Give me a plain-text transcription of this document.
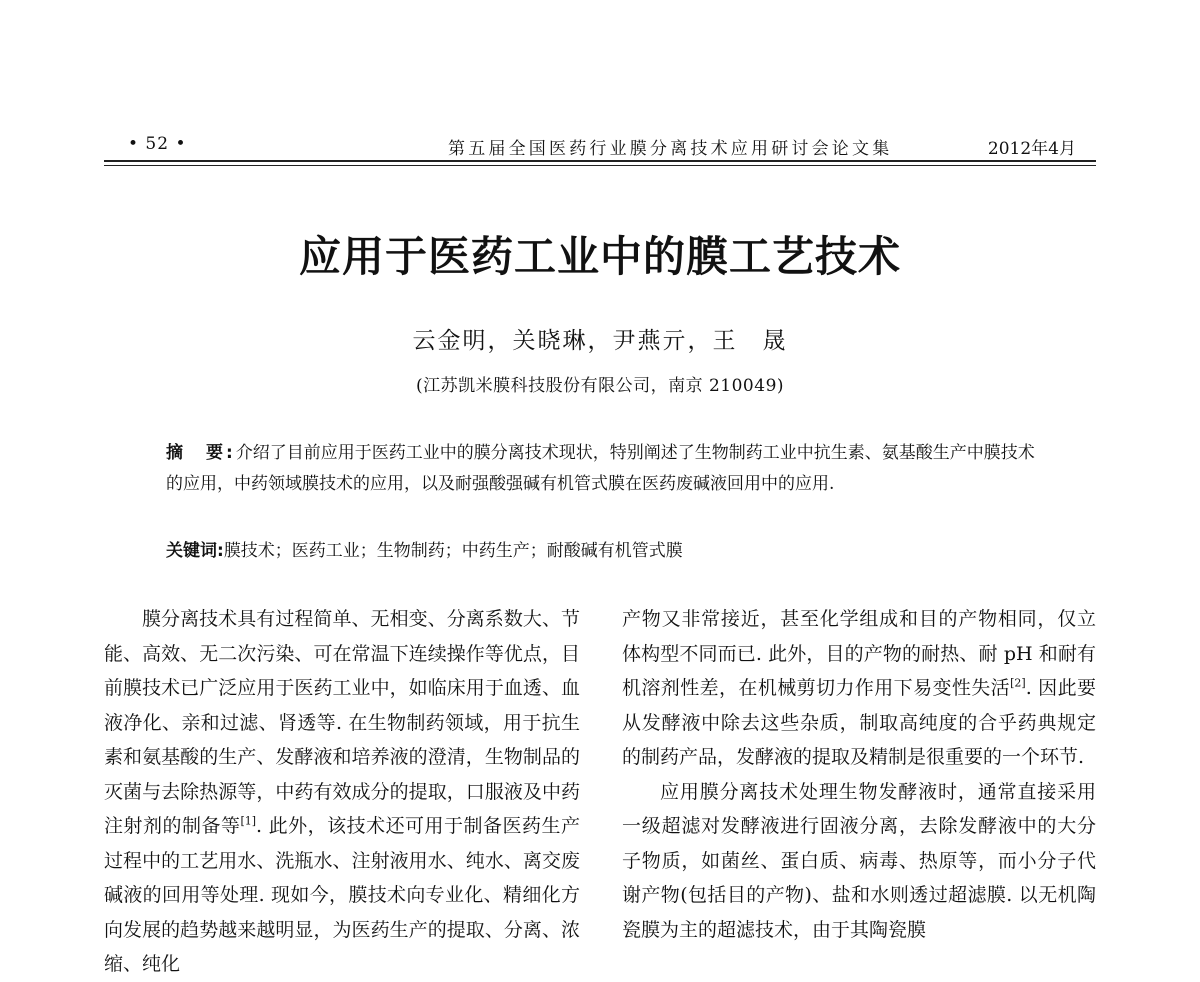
• 52 •	第五届全国医药行业膜分离技术应用研讨会论文集	2012年4月
应用于医药工业中的膜工艺技术
云金明，关晓琳，尹燕亓，王　晟
(江苏凯米膜科技股份有限公司，南京 210049)
摘　要:介绍了目前应用于医药工业中的膜分离技术现状，特别阐述了生物制药工业中抗生素、氨基酸生产中膜技术的应用，中药领域膜技术的应用，以及耐强酸强碱有机管式膜在医药废碱液回用中的应用.
关键词:膜技术；医药工业；生物制药；中药生产；耐酸碱有机管式膜

膜分离技术具有过程简单、无相变、分离系数大、节能、高效、无二次污染、可在常温下连续操作等优点，目前膜技术已广泛应用于医药工业中，如临床用于血透、血液净化、亲和过滤、肾透等. 在生物制药领域，用于抗生素和氨基酸的生产、发酵液和培养液的澄清，生物制品的灭菌与去除热源等，中药有效成分的提取，口服液及中药注射剂的制备等[1]. 此外，该技术还可用于制备医药生产过程中的工艺用水、洗瓶水、注射液用水、纯水、离交废碱液的回用等处理. 现如今，膜技术向专业化、精细化方向发展的趋势越来越明显，为医药生产的提取、分离、浓缩、纯化

产物又非常接近，甚至化学组成和目的产物相同，仅立体构型不同而已. 此外，目的产物的耐热、耐 pH 和耐有机溶剂性差，在机械剪切力作用下易变性失活[2]. 因此要从发酵液中除去这些杂质，制取高纯度的合乎药典规定的制药产品，发酵液的提取及精制是很重要的一个环节.

应用膜分离技术处理生物发酵液时，通常直接采用一级超滤对发酵液进行固液分离，去除发酵液中的大分子物质，如菌丝、蛋白质、病毒、热原等，而小分子代谢产物(包括目的产物)、盐和水则透过超滤膜. 以无机陶瓷膜为主的超滤技术，由于其陶瓷膜
